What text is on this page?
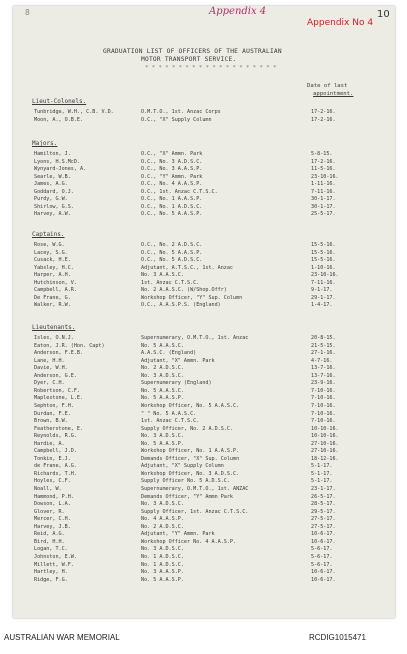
8	Appendix 4
Appendix No 4
10
GRADUATION LIST OF OFFICERS OF THE AUSTRALIAN
MOTOR TRANSPORT SERVICE.
* * * * * * * * * * * * * * * * * * * *
Date of last
appointment.
Lieut-Colonels.
Tunbridge, W.H., C.B. V.D.	O.M.T.O., 1st. Anzac Corps	17-2-16.
Moon, A., O.B.E.	O.C., "X" Supply Column	17-2-16.
Majors.
Hamilton, J.	O.C., "X" Ammn. Park	5-8-15.
Lyons, H.S.McD.	O.C., No. 3 A.D.S.C.	17-2-16.
Wynyard-Jones, A.	O.C., No. 3 A.A.S.P.	11-5-16.
Searle, W.B.	O.C., "Y" Ammn. Park	23-10-16.
James, A.G.	O.C., No. 4 A.A.S.P.	1-11-16.
Goddard, O.J.	O.C., 1st. Anzac C.T.S.C.	7-11-16.
Purdy, G.W.	O.C., No. 1 A.A.S.P.	30-1-17.
Shirlow, G.S.	O.C., No. 1 A.D.S.C.	30-1-17.
Harvey, A.W.	O.C., No. 5 A.A.S.P.	25-5-17.
Captains.
Rose, W.G.	O.C., No. 2 A.D.S.C.	15-5-16.
Lacey, S.G.	O.C., No. 5 A.A.S.P.	15-5-16.
Cusack, H.E.	O.C., No. 5 A.D.S.C.	15-5-16.
Yabsley, H.C.	Adjutant, A.T.S.C., 1st. Anzac	1-10-16.
Harper, A.H.	No. 3 A.A.S.C.	23-10-16.
Hutchinson, V.	1st. Anzac C.T.S.C.	7-11-16.
Campbell, A.R.	No. 2 A.A.S.C. (W/Shop.Offr)	9-1-17.
De Frane, G.	Workshop Officer, "Y" Sup. Column	29-1-17.
Walker, R.W.	O.C., A.A.S.P.S. (England)	1-4-17.
Lieutenants.
Isles, O.N.J.	Supernumerary, O.M.T.O., 1st. Anzac	20-8-15.
Eaton, J.R. (Hon. Capt)	No. 5 A.A.S.C.	21-5-15.
Anderson, F.E.B.	A.A.S.C. (England)	27-1-16.
Lane, H.H.	Adjutant, "X" Ammn. Park	4-7-16.
Davie, W.H.	No. 2 A.D.S.C.	13-7-16.
Anderson, G.E.	No. 3 A.D.S.C.	13-7-16.
Dyer, C.H.	Supernumerary (England)	23-9-16.
Robertson, C.F.	No. 5 A.A.S.C.	7-10-16.
Maplestone, L.E.	No. 5 A.A.S.P.	7-10-16.
Sephton, F.H.	Workshop Officer, No. 5 A.A.S.C.	7-10-16.
Durdan, F.E.	" " No. 5 A.A.S.C.	7-10-16.
Brown, B.W.	1st. Anzac C.T.S.C.	7-10-16.
Featherstone, E.	Supply Officer, No. 2 A.D.S.C.	10-10-16.
Reynolds, R.G.	No. 3 A.D.S.C.	10-10-16.
Hardie, A.	No. 5 A.A.S.P.	27-10-16.
Campbell, J.D.	Workshop Officer, No. 1 A.A.S.P.	27-10-16.
Tonkin, E.J.	Demands Officer, "X" Sup. Column	18-12-16.
de Frane, A.G.	Adjutant, "X" Supply Column	5-1-17.
Richards, T.H.	Workshop Officer, No. 3 A.D.S.C.	5-1-17.
Hoyles, C.F.	Supply Officer No. 5 A.D.S.C.	5-1-17.
Noall, W.	Supernumerary, O.M.T.O., 1st. ANZAC	23-1-17.
Hammond, P.H.	Demands Officer, "Y" Ammn Park	26-5-17.
Dowson, L.A.	No. 3 A.D.S.C.	28-5-17.
Glover, R.	Supply Officer, 1st. Anzac C.T.S.C.	29-5-17.
Mercer, C.H.	No. 4 A.A.S.P.	27-5-17.
Harvey, J.B.	No. 2 A.D.S.C.	27-5-17.
Reid, A.G.	Adjutant, "Y" Ammn. Park	10-6-17.
Bird, H.H.	Workshop Officer No. 4 A.A.S.P.	10-6-17.
Logan, T.C.	No. 3 A.D.S.C.	5-6-17.
Johnston, E.W.	No. 1 A.D.S.C.	5-6-17.
Millett, W.F.	No. 1 A.D.S.C.	5-6-17.
Hartley, H.	No. 3 A.A.S.P.	10-6-17.
Ridge, F.G.	No. 5 A.A.S.P.	10-6-17.
AUSTRALIAN WAR MEMORIAL	RCDIG1015471
